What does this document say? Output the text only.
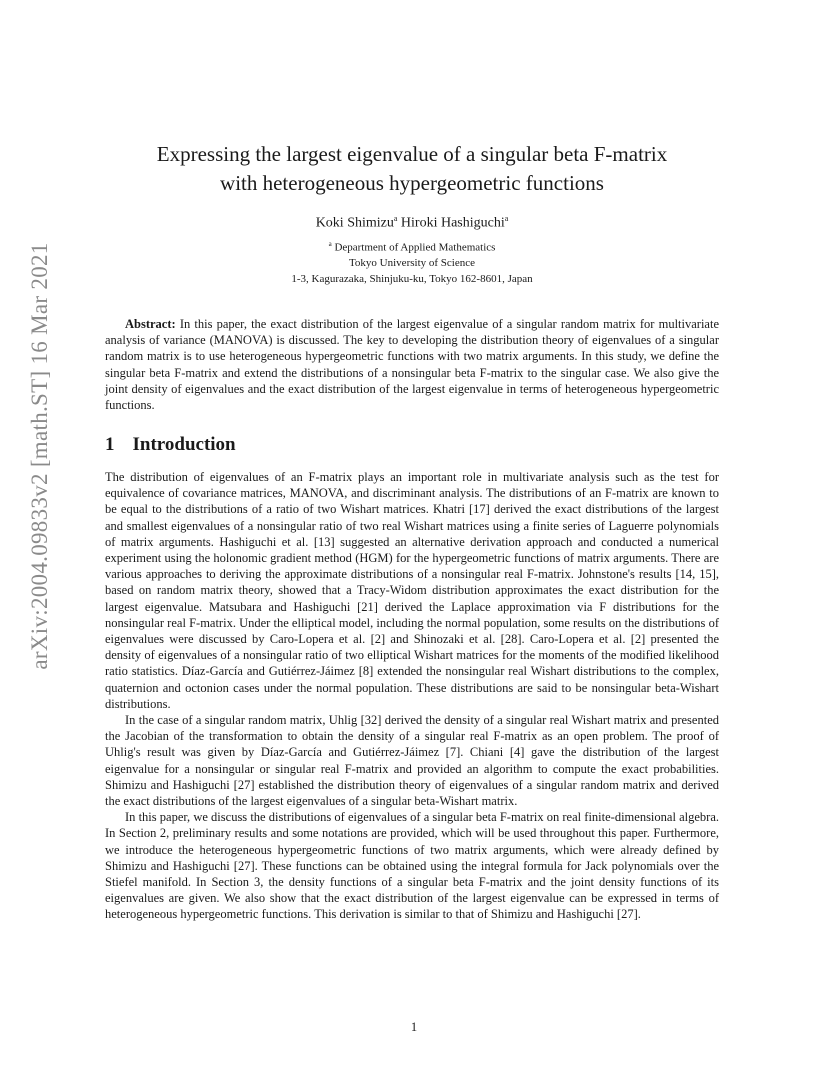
arXiv:2004.09833v2 [math.ST] 16 Mar 2021
Expressing the largest eigenvalue of a singular beta F-matrix
with heterogeneous hypergeometric functions
Koki Shimizu$^a$ Hiroki Hashiguchi$^a$
$^a$ Department of Applied Mathematics
Tokyo University of Science
1-3, Kagurazaka, Shinjuku-ku, Tokyo 162-8601, Japan
Abstract: In this paper, the exact distribution of the largest eigenvalue of a singular random matrix for multivariate analysis of variance (MANOVA) is discussed. The key to developing the distribution theory of eigenvalues of a singular random matrix is to use heterogeneous hypergeometric functions with two matrix arguments. In this study, we define the singular beta F-matrix and extend the distributions of a nonsingular beta F-matrix to the singular case. We also give the joint density of eigenvalues and the exact distribution of the largest eigenvalue in terms of heterogeneous hypergeometric functions.
1 Introduction

The distribution of eigenvalues of an F-matrix plays an important role in multivariate analysis such as the test for equivalence of covariance matrices, MANOVA, and discriminant analysis. The distributions of an F-matrix are known to be equal to the distributions of a ratio of two Wishart matrices. Khatri [17] derived the exact distributions of the largest and smallest eigenvalues of a nonsingular ratio of two real Wishart matrices using a finite series of Laguerre polynomials of matrix arguments. Hashiguchi et al. [13] suggested an alternative derivation approach and conducted a numerical experiment using the holonomic gradient method (HGM) for the hypergeometric functions of matrix arguments. There are various approaches to deriving the approximate distributions of a nonsingular real F-matrix. Johnstone's results [14, 15], based on random matrix theory, showed that a Tracy-Widom distribution approximates the exact distribution for the largest eigenvalue. Matsubara and Hashiguchi [21] derived the Laplace approximation via F distributions for the nonsingular real F-matrix. Under the elliptical model, including the normal population, some results on the distributions of eigenvalues were discussed by Caro-Lopera et al. [2] and Shinozaki et al. [28]. Caro-Lopera et al. [2] presented the density of eigenvalues of a nonsingular ratio of two elliptical Wishart matrices for the moments of the modified likelihood ratio statistics. Díaz-García and Gutiérrez-Jáimez [8] extended the nonsingular real Wishart distributions to the complex, quaternion and octonion cases under the normal population. These distributions are said to be nonsingular beta-Wishart distributions.

In the case of a singular random matrix, Uhlig [32] derived the density of a singular real Wishart matrix and presented the Jacobian of the transformation to obtain the density of a singular real F-matrix as an open problem. The proof of Uhlig's result was given by Díaz-García and Gutiérrez-Jáimez [7]. Chiani [4] gave the distribution of the largest eigenvalue for a nonsingular or singular real F-matrix and provided an algorithm to compute the exact probabilities. Shimizu and Hashiguchi [27] established the distribution theory of eigenvalues of a singular random matrix and derived the exact distributions of the largest eigenvalues of a singular beta-Wishart matrix.

In this paper, we discuss the distributions of eigenvalues of a singular beta F-matrix on real finite-dimensional algebra. In Section 2, preliminary results and some notations are provided, which will be used throughout this paper. Furthermore, we introduce the heterogeneous hypergeometric functions of two matrix arguments, which were already defined by Shimizu and Hashiguchi [27]. These functions can be obtained using the integral formula for Jack polynomials over the Stiefel manifold. In Section 3, the density functions of a singular beta F-matrix and the joint density functions of its eigenvalues are given. We also show that the exact distribution of the largest eigenvalue can be expressed in terms of heterogeneous hypergeometric functions. This derivation is similar to that of Shimizu and Hashiguchi [27].

1
